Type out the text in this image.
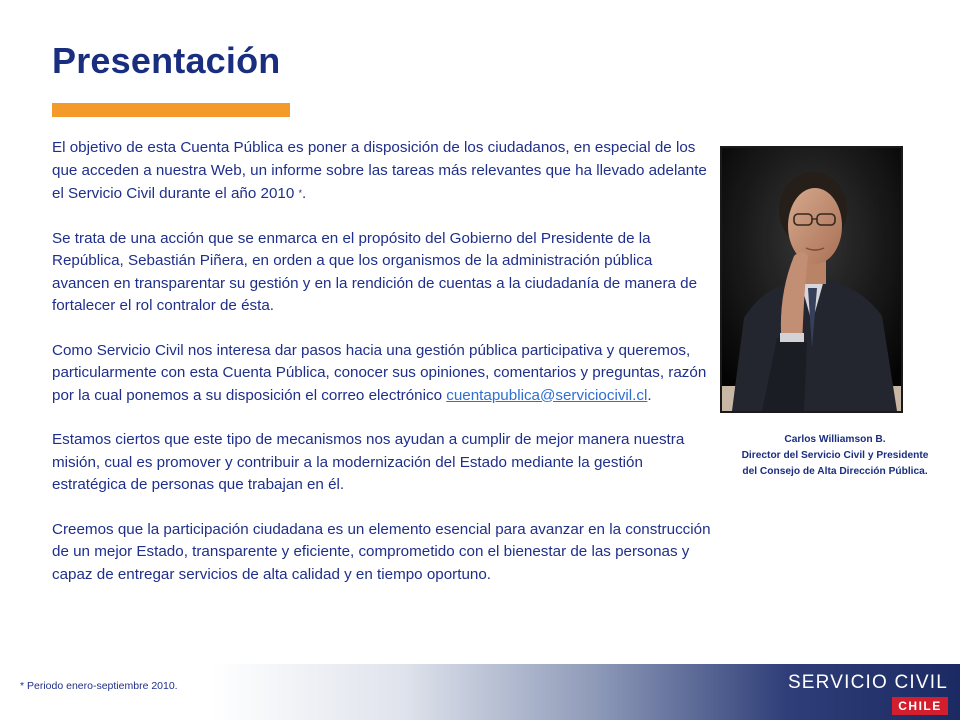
Presentación

El objetivo de esta Cuenta Pública es poner a disposición de los ciudadanos, en especial de los que acceden a nuestra Web, un informe sobre las tareas más relevantes que ha llevado adelante el Servicio Civil durante el año 2010 *.

Se trata de una acción que se enmarca en el propósito del Gobierno del Presidente de la República, Sebastián Piñera, en orden a que los organismos de la administración pública avancen en transparentar su gestión y en la rendición de cuentas a la ciudadanía de manera de fortalecer el rol contralor de ésta.

Como Servicio Civil nos interesa dar pasos hacia una gestión pública participativa y queremos, particularmente con esta Cuenta Pública, conocer sus opiniones, comentarios y preguntas, razón por la cual ponemos a su disposición el correo electrónico cuentapublica@serviciocivil.cl.

Estamos ciertos que este tipo de mecanismos nos ayudan a cumplir de mejor manera nuestra misión, cual es promover y contribuir a la modernización del Estado mediante la gestión estratégica de personas que trabajan en él.

Creemos que la participación ciudadana es un elemento esencial para avanzar en la construcción de un mejor Estado, transparente y eficiente, comprometido con el bienestar de las personas y capaz de entregar servicios de alta calidad y en tiempo oportuno.

Carlos Williamson B.
Director del Servicio Civil y Presidente
del Consejo de Alta Dirección Pública.
* Periodo enero-septiembre 2010.	SERVICIO CIVIL
CHILE
